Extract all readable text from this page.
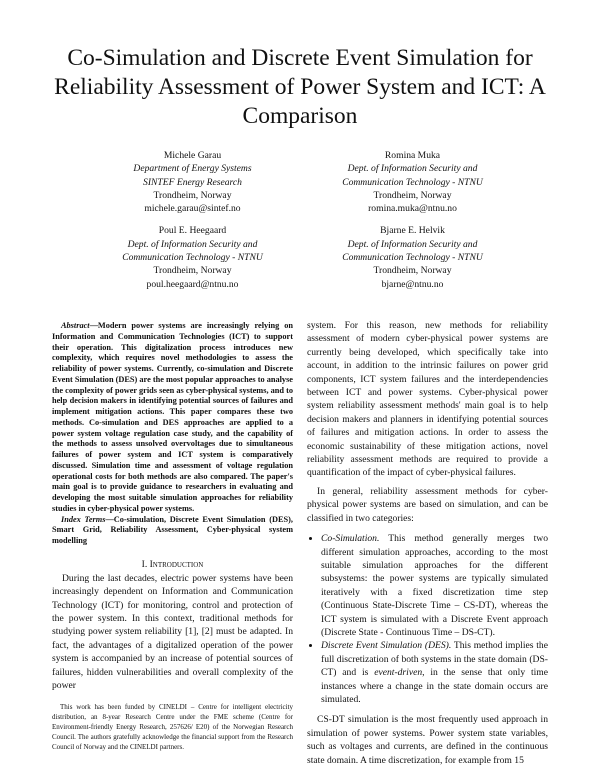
Co-Simulation and Discrete Event Simulation for Reliability Assessment of Power System and ICT: A Comparison
Michele Garau
Department of Energy Systems
SINTEF Energy Research
Trondheim, Norway
michele.garau@sintef.no
Romina Muka
Dept. of Information Security and
Communication Technology - NTNU
Trondheim, Norway
romina.muka@ntnu.no
Poul E. Heegaard
Dept. of Information Security and
Communication Technology - NTNU
Trondheim, Norway
poul.heegaard@ntnu.no
Bjarne E. Helvik
Dept. of Information Security and
Communication Technology - NTNU
Trondheim, Norway
bjarne@ntnu.no

Abstract—Modern power systems are increasingly relying on Information and Communication Technologies (ICT) to support their operation. This digitalization process introduces new complexity, which requires novel methodologies to assess the reliability of power systems. Currently, co-simulation and Discrete Event Simulation (DES) are the most popular approaches to analyse the complexity of power grids seen as cyber-physical systems, and to help decision makers in identifying potential sources of failures and implement mitigation actions. This paper compares these two methods. Co-simulation and DES approaches are applied to a power system voltage regulation case study, and the capability of the methods to assess unsolved overvoltages due to simultaneous failures of power system and ICT system is comparatively discussed. Simulation time and assessment of voltage regulation operational costs for both methods are also compared. The paper's main goal is to provide guidance to researchers in evaluating and developing the most suitable simulation approaches for reliability studies in cyber-physical power systems.

Index Terms—Co-simulation, Discrete Event Simulation (DES), Smart Grid, Reliability Assessment, Cyber-physical system modelling

I. Introduction

During the last decades, electric power systems have been increasingly dependent on Information and Communication Technology (ICT) for monitoring, control and protection of the power system. In this context, traditional methods for studying power system reliability [1], [2] must be adapted. In fact, the advantages of a digitalized operation of the power system is accompanied by an increase of potential sources of failures, hidden vulnerabilities and overall complexity of the power

This work has been funded by CINELDI – Centre for intelligent electricity distribution, an 8-year Research Centre under the FME scheme (Centre for Environment-friendly Energy Research, 257626/ E20) of the Norwegian Research Council. The authors gratefully acknowledge the financial support from the Research Council of Norway and the CINELDI partners.

system. For this reason, new methods for reliability assessment of modern cyber-physical power systems are currently being developed, which specifically take into account, in addition to the intrinsic failures on power grid components, ICT system failures and the interdependencies between ICT and power systems. Cyber-physical power system reliability assessment methods' main goal is to help decision makers and planners in identifying potential sources of failures and mitigation actions. In order to assess the economic sustainability of these mitigation actions, novel reliability assessment methods are required to provide a quantification of the impact of cyber-physical failures.

In general, reliability assessment methods for cyber-physical power systems are based on simulation, and can be classified in two categories:

• Co-Simulation. This method generally merges two different simulation approaches, according to the most suitable simulation approaches for the different subsystems: the power systems are typically simulated iteratively with a fixed discretization time step (Continuous State-Discrete Time – CS-DT), whereas the ICT system is simulated with a Discrete Event approach (Discrete State - Continuous Time – DS-CT).
• Discrete Event Simulation (DES). This method implies the full discretization of both systems in the state domain (DS-CT) and is event-driven, in the sense that only time instances where a change in the state domain occurs are simulated.

CS-DT simulation is the most frequently used approach in simulation of power systems. Power system state variables, such as voltages and currents, are defined in the continuous state domain. A time discretization, for example from 15
